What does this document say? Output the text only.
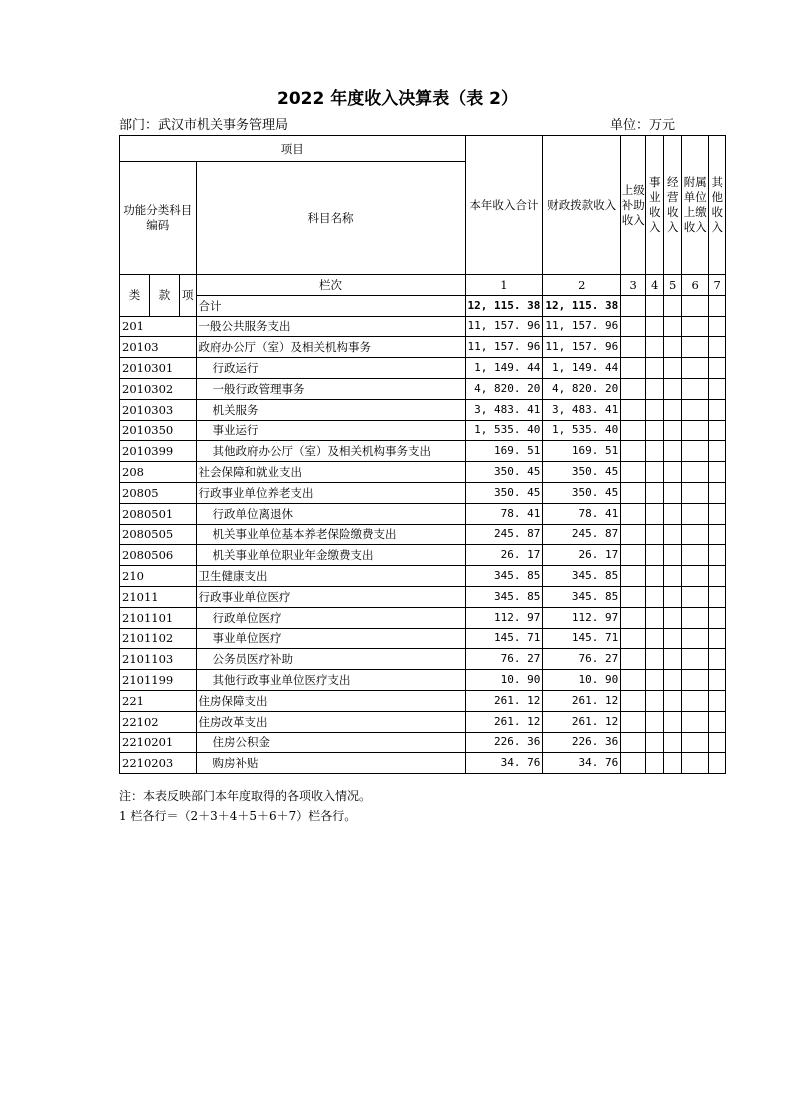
2022 年度收入决算表（表 2）
部门：武汉市机关事务管理局	单位：万元
项目				本年收入合计	财政拨款收入	上级补助收入	事业收入	经营收入	附属单位上缴收入	其他收入
功能分类科目编码			科目名称							
类	款	项	栏次	1	2	3	4	5	6	7
			合计	12, 115. 38	12, 115. 38					
201			一般公共服务支出	11, 157. 96	11, 157. 96					
20103			政府办公厅（室）及相关机构事务	11, 157. 96	11, 157. 96					
2010301			行政运行	1, 149. 44	1, 149. 44					
2010302			一般行政管理事务	4, 820. 20	4, 820. 20					
2010303			机关服务	3, 483. 41	3, 483. 41					
2010350			事业运行	1, 535. 40	1, 535. 40					
2010399			其他政府办公厅（室）及相关机构事务支出	169. 51	169. 51					
208			社会保障和就业支出	350. 45	350. 45					
20805			行政事业单位养老支出	350. 45	350. 45					
2080501			行政单位离退休	78. 41	78. 41					
2080505			机关事业单位基本养老保险缴费支出	245. 87	245. 87					
2080506			机关事业单位职业年金缴费支出	26. 17	26. 17					
210			卫生健康支出	345. 85	345. 85					
21011			行政事业单位医疗	345. 85	345. 85					
2101101			行政单位医疗	112. 97	112. 97					
2101102			事业单位医疗	145. 71	145. 71					
2101103			公务员医疗补助	76. 27	76. 27					
2101199			其他行政事业单位医疗支出	10. 90	10. 90					
221			住房保障支出	261. 12	261. 12					
22102			住房改革支出	261. 12	261. 12					
2210201			住房公积金	226. 36	226. 36					
2210203			购房补贴	34. 76	34. 76					
注：本表反映部门本年度取得的各项收入情况。
1 栏各行＝（2＋3＋4＋5＋6＋7）栏各行。
